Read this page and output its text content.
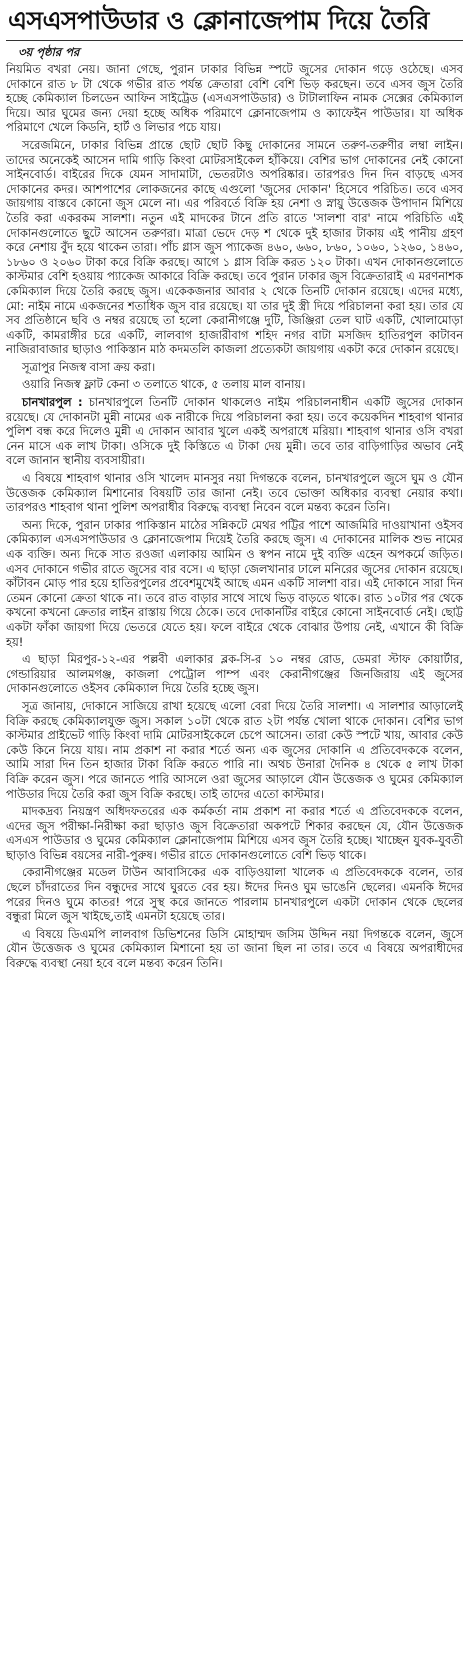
এসএসপাউডার ও ক্লোনাজেপাম দিয়ে তৈরি
৩য় পৃষ্ঠার পর

নিয়মিত বখরা নেয়। জানা গেছে, পুরান ঢাকার বিভিন্ন স্পটে জুসের দোকান গড়ে ওঠেছে। এসব দোকানে রাত ৮ টা থেকে গভীর রাত পর্যন্ত ক্রেতারা বেশি বেশি ভিড় করছেন। তবে এসব জুস তৈরি হচ্ছে কেমিক্যাল চিলডেন আফিন সাইট্রেড (এসএসপাউডার) ও টাটালাফিন নামক সেক্সের কেমিক্যাল দিয়ে। আর ঘুমের জন্য দেয়া হচ্ছে অধিক পরিমাণে ক্লোনাজেপাম ও ক্যাফেইন পাউডার। যা অধিক পরিমাণে খেলে কিডনি, হার্ট ও লিভার পচে যায়।

সরেজমিনে, ঢাকার বিভিন্ন প্রান্তে ছোট ছোট কিছু দোকানের সামনে তরুণ-তরুণীর লম্বা লাইন। তাদের অনেকেই আসেন দামি গাড়ি কিংবা মোটরসাইকেল হাঁকিয়ে। বেশির ভাগ দোকানের নেই কোনো সাইনবোর্ড। বাইরের দিকে যেমন সাদামাটা, ভেতরটাও অপরিষ্কার। তারপরও দিন দিন বাড়ছে এসব দোকানের কদর। আশপাশের লোকজনের কাছে এগুলো 'জুসের দোকান' হিসেবে পরিচিত। তবে এসব জায়গায় বাস্তবে কোনো জুস মেলে না। এর পরিবর্তে বিক্রি হয় নেশা ও স্নায়ু উত্তেজক উপাদান মিশিয়ে তৈরি করা একরকম সালশা। নতুন এই মাদকের টানে প্রতি রাতে 'সালশা বার' নামে পরিচিতি এই দোকানগুলোতে ছুটে আসেন তরুণরা। মাত্রা ভেদে দেড় শ থেকে দুই হাজার টাকায় এই পানীয় গ্রহণ করে নেশায় বুঁদ হয়ে থাকেন তারা। পাঁচ গ্লাস জুস প্যাকেজ ৪৬০, ৬৬০, ৮৬০, ১০৬০, ১২৬০, ১৪৬০, ১৮৬০ ও ২০৬০ টাকা করে বিক্রি করছে। আগে ১ গ্লাস বিক্রি করত ১২০ টাকা। এখন দোকানগুলোতে কাস্টমার বেশি হওয়ায় প্যাকেজ আকারে বিক্রি করছে। তবে পুরান ঢাকার জুস বিক্রেতারাই এ মরণনাশক কেমিক্যাল দিয়ে তৈরি করছে জুস। একেকজনার আবার ২ থেকে তিনটি দোকান রয়েছে। এদের মধ্যে, মো: নাইম নামে একজনের শতাধিক জুস বার রয়েছে। যা তার দুই স্ত্রী দিয়ে পরিচালনা করা হয়। তার যে সব প্রতিষ্ঠানে ছবি ও নম্বর রয়েছে তা হলো কেরানীগঞ্জে দুটি, জিঞ্জিরা তেল ঘাট একটি, খোলামোড়া একটি, কামরাঙ্গীর চরে একটি, লালবাগ হাজারীবাগ শহিদ নগর বাটা মসজিদ হাতিরপুল কাটাবন নাজিরাবাজার ছাড়াও পাকিস্তান মাঠ কদমতলি কাজলা প্রত্যেকটা জায়গায় একটা করে দোকান রয়েছে।

সূত্রাপুর নিজস্ব বাসা ক্রয় করা।

ওয়ারি নিজস্ব ফ্লাট কেনা ৩ তলাতে থাকে, ৫ তলায় মাল বানায়।

চানখারপুল : চানখারপুলে তিনটি দোকান থাকলেও নাইম পরিচালনাধীন একটি জুসের দোকান রয়েছে। যে দোকানটা মুন্নী নামের এক নারীকে দিয়ে পরিচালনা করা হয়। তবে কয়েকদিন শাহবাগ থানার পুলিশ বন্ধ করে দিলেও মুন্নী এ দোকান আবার খুলে একই অপরাধে মরিয়া। শাহবাগ থানার ওসি বখরা নেন মাসে এক লাখ টাকা। ওসিকে দুই কিস্তিতে এ টাকা দেয় মুন্নী। তবে তার বাড়িগাড়ির অভাব নেই বলে জানান স্থানীয় ব্যবসায়ীরা।

এ বিষয়ে শাহবাগ থানার ওসি খালেদ মানসুর নয়া দিগন্তকে বলেন, চানখারপুলে জুসে ঘুম ও যৌন উত্তেজক কেমিক্যাল মিশানোর বিষয়টি তার জানা নেই। তবে ভোক্তা অধিকার ব্যবস্থা নেয়ার কথা। তারপরও শাহবাগ থানা পুলিশ অপরাধীর বিরুদ্ধে ব্যবস্থা নিবেন বলে মন্তব্য করেন তিনি।

অন্য দিকে, পুরান ঢাকার পাকিস্তান মাঠের সন্নিকটে মেথর পট্টির পাশে আজমিরি দাওয়াখানা ওইসব কেমিক্যাল এসএসপাউডার ও ক্লোনাজেপাম দিয়েই তৈরি করছে জুস। এ দোকানের মালিক শুভ নামের এক ব্যক্তি। অন্য দিকে সাত রওজা এলাকায় আমিন ও স্বপন নামে দুই ব্যক্তি এহেন অপকর্মে জড়িত। এসব দোকানে গভীর রাতে জুসের বার বসে। এ ছাড়া জেলখানার ঢালে মনিরের জুসের দোকান রয়েছে। কাঁটাবন মোড় পার হয়ে হাতিরপুলের প্রবেশমুখেই আছে এমন একটি সালশা বার। এই দোকানে সারা দিন তেমন কোনো ক্রেতা থাকে না। তবে রাত বাড়ার সাথে সাথে ভিড় বাড়তে থাকে। রাত ১০টার পর থেকে কখনো কখনো ক্রেতার লাইন রাস্তায় গিয়ে ঠেকে। তবে দোকানটির বাইরে কোনো সাইনবোর্ড নেই। ছোট্ট একটা ফাঁকা জায়গা দিয়ে ভেতরে যেতে হয়। ফলে বাইরে থেকে বোঝার উপায় নেই, এখানে কী বিক্রি হয়!

এ ছাড়া মিরপুর-১২-এর পল্লবী এলাকার ব্লক-সি-র ১০ নম্বর রোড, ডেমরা স্টাফ কোয়ার্টার, গেন্ডারিয়ার আলমগঞ্জ, কাজলা পেট্রোল পাম্প এবং কেরানীগঞ্জের জিনজিরায় এই জুসের দোকানগুলোতে ওইসব কেমিক্যাল দিয়ে তৈরি হচ্ছে জুস।

সূত্র জানায়, দোকানে সাজিয়ে রাখা হয়েছে এলো বেরা দিয়ে তৈরি সালশা। এ সালশার আড়ালেই বিক্রি করছে কেমিক্যালযুক্ত জুস। সকাল ১০টা থেকে রাত ২টা পর্যন্ত খোলা থাকে দোকান। বেশির ভাগ কাস্টমার প্রাইভেট গাড়ি কিংবা দামি মোটরসাইকেলে চেপে আসেন। তারা কেউ স্পটে খায়, আবার কেউ কেউ কিনে নিয়ে যায়। নাম প্রকাশ না করার শর্তে অন্য এক জুসের দোকানি এ প্রতিবেদককে বলেন, আমি সারা দিন তিন হাজার টাকা বিক্রি করতে পারি না। অথচ উনারা দৈনিক ৪ থেকে ৫ লাখ টাকা বিক্রি করেন জুস। পরে জানতে পারি আসলে ওরা জুসের আড়ালে যৌন উত্তেজক ও ঘুমের কেমিক্যাল পাউডার দিয়ে তৈরি করা জুস বিক্রি করছে। তাই তাদের এতো কাস্টমার।

মাদকদ্রব্য নিয়ন্ত্রণ অধিদফতরের এক কর্মকর্তা নাম প্রকাশ না করার শর্তে এ প্রতিবেদককে বলেন, এদের জুস পরীক্ষা-নিরীক্ষা করা ছাড়াও জুস বিক্রেতারা অকপটে শিকার করছেন যে, যৌন উত্তেজক এসএস পাউডার ও ঘুমের কেমিক্যাল ক্লোনাজেপাম মিশিয়ে এসব জুস তৈরি হচ্ছে। খাচ্ছেন যুবক-যুবতী ছাড়াও বিভিন্ন বয়সের নারী-পুরুষ। গভীর রাতে দোকানগুলোতে বেশি ভিড় থাকে।

কেরানীগঞ্জের মডেল টাউন আবাসিকের এক বাড়িওয়ালা খালেক এ প্রতিবেদককে বলেন, তার ছেলে চাঁদরাতের দিন বন্ধুদের সাথে ঘুরতে বের হয়। ঈদের দিনও ঘুম ভাঙেনি ছেলের। এমনকি ঈদের পরের দিনও ঘুমে কাতর! পরে সুস্থ করে জানতে পারলাম চানখারপুলে একটা দোকান থেকে ছেলের বন্ধুরা মিলে জুস খাইছে,তাই এমনটা হয়েছে তার।

এ বিষয়ে ডিএমপি লালবাগ ডিভিশনের ডিসি মোহাম্মদ জসিম উদ্দিন নয়া দিগন্তকে বলেন, জুসে যৌন উত্তেজক ও ঘুমের কেমিক্যাল মিশানো হয় তা জানা ছিল না তার। তবে এ বিষয়ে অপরাধীদের বিরুদ্ধে ব্যবস্থা নেয়া হবে বলে মন্তব্য করেন তিনি।
